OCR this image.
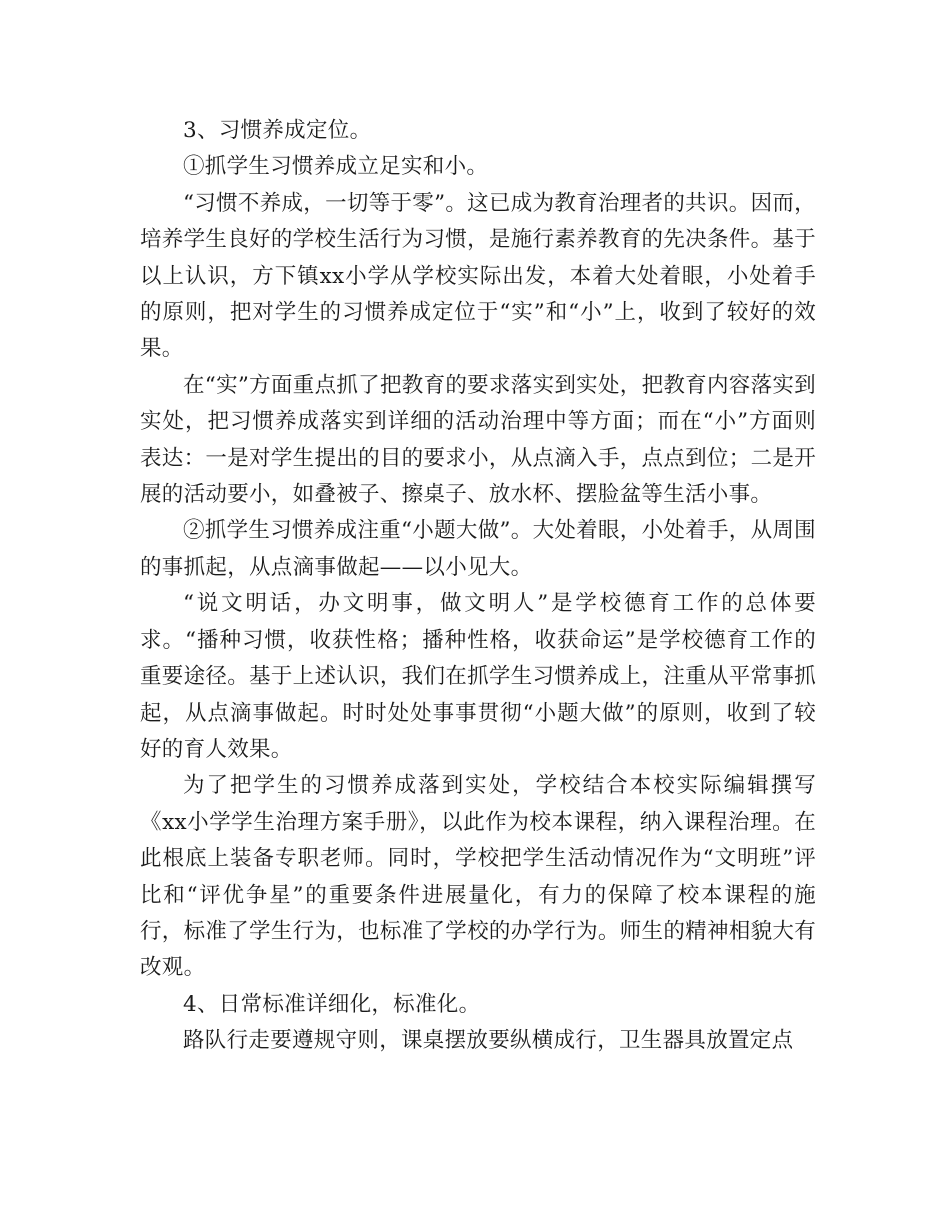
3、习惯养成定位。

①抓学生习惯养成立足实和小。

“习惯不养成，一切等于零”。这已成为教育治理者的共识。因而，培养学生良好的学校生活行为习惯，是施行素养教育的先决条件。基于以上认识，方下镇xx小学从学校实际出发，本着大处着眼，小处着手的原则，把对学生的习惯养成定位于“实”和“小”上，收到了较好的效果。

在“实”方面重点抓了把教育的要求落实到实处，把教育内容落实到实处，把习惯养成落实到详细的活动治理中等方面；而在“小”方面则表达：一是对学生提出的目的要求小，从点滴入手，点点到位；二是开展的活动要小，如叠被子、擦桌子、放水杯、摆脸盆等生活小事。

②抓学生习惯养成注重“小题大做”。大处着眼，小处着手，从周围的事抓起，从点滴事做起——以小见大。

“说文明话，办文明事，做文明人”是学校德育工作的总体要求。“播种习惯，收获性格；播种性格，收获命运”是学校德育工作的重要途径。基于上述认识，我们在抓学生习惯养成上，注重从平常事抓起，从点滴事做起。时时处处事事贯彻“小题大做”的原则，收到了较好的育人效果。

为了把学生的习惯养成落到实处，学校结合本校实际编辑撰写《xx小学学生治理方案手册》，以此作为校本课程，纳入课程治理。在此根底上装备专职老师。同时，学校把学生活动情况作为“文明班”评比和“评优争星”的重要条件进展量化，有力的保障了校本课程的施行，标准了学生行为，也标准了学校的办学行为。师生的精神相貌大有改观。

4、日常标准详细化，标准化。

路队行走要遵规守则，课桌摆放要纵横成行，卫生器具放置定点
